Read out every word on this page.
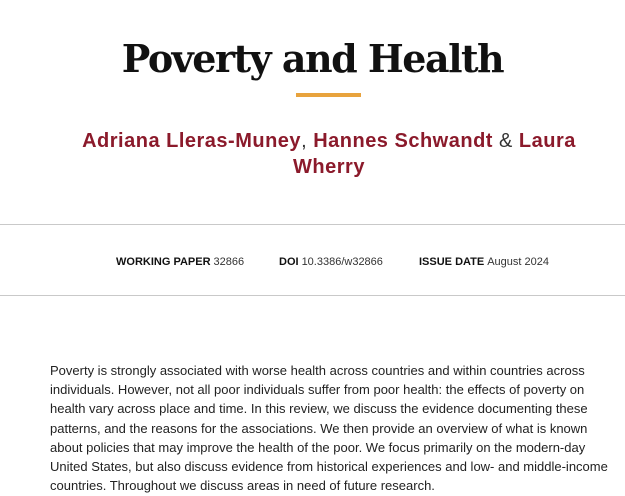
Poverty and Health
Adriana Lleras-Muney, Hannes Schwandt & Laura Wherry
WORKING PAPER 32866	DOI 10.3386/w32866	ISSUE DATE August 2024

Poverty is strongly associated with worse health across countries and within countries across individuals. However, not all poor individuals suffer from poor health: the effects of poverty on health vary across place and time. In this review, we discuss the evidence documenting these patterns, and the reasons for the associations. We then provide an overview of what is known about policies that may improve the health of the poor. We focus primarily on the modern-day United States, but also discuss evidence from historical experiences and low- and middle-income countries. Throughout we discuss areas in need of future research.
